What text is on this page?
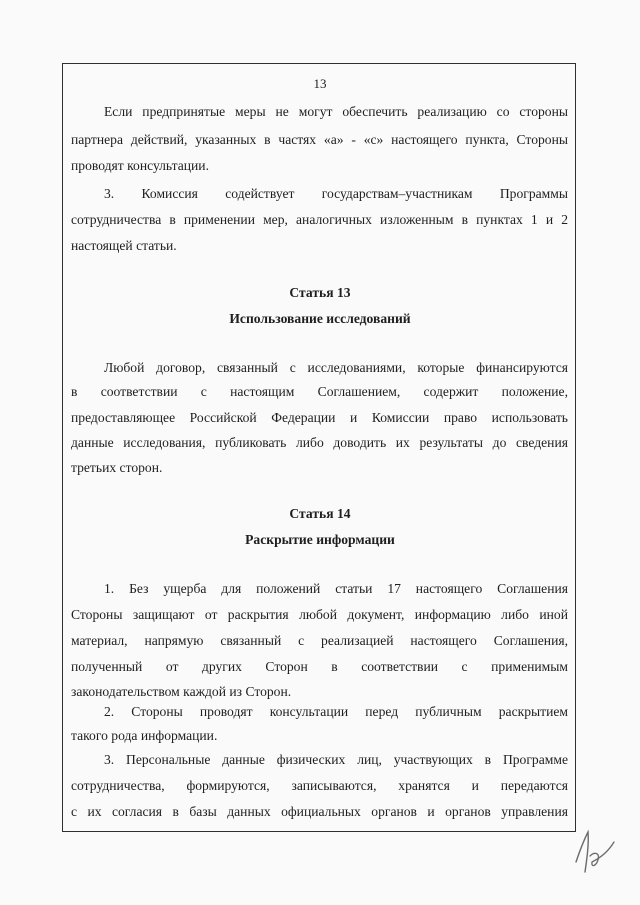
13

Если предпринятые меры не могут обеспечить реализацию со стороны

партнера действий, указанных в частях «а» - «с» настоящего пункта, Стороны

проводят консультации.

3. Комиссия содействует государствам–участникам Программы

сотрудничества в применении мер, аналогичных изложенным в пунктах 1 и 2

настоящей статьи.

Статья 13

Использование исследований

Любой договор, связанный с исследованиями, которые финансируются

в соответствии с настоящим Соглашением, содержит положение,

предоставляющее Российской Федерации и Комиссии право использовать

данные исследования, публиковать либо доводить их результаты до сведения

третьих сторон.

Статья 14

Раскрытие информации

1. Без ущерба для положений статьи 17 настоящего Соглашения

Стороны защищают от раскрытия любой документ, информацию либо иной

материал, напрямую связанный с реализацией настоящего Соглашения,

полученный от других Сторон в соответствии с применимым

законодательством каждой из Сторон.

2. Стороны проводят консультации перед публичным раскрытием

такого рода информации.

3. Персональные данные физических лиц, участвующих в Программе

сотрудничества, формируются, записываются, хранятся и передаются

с их согласия в базы данных официальных органов и органов управления
